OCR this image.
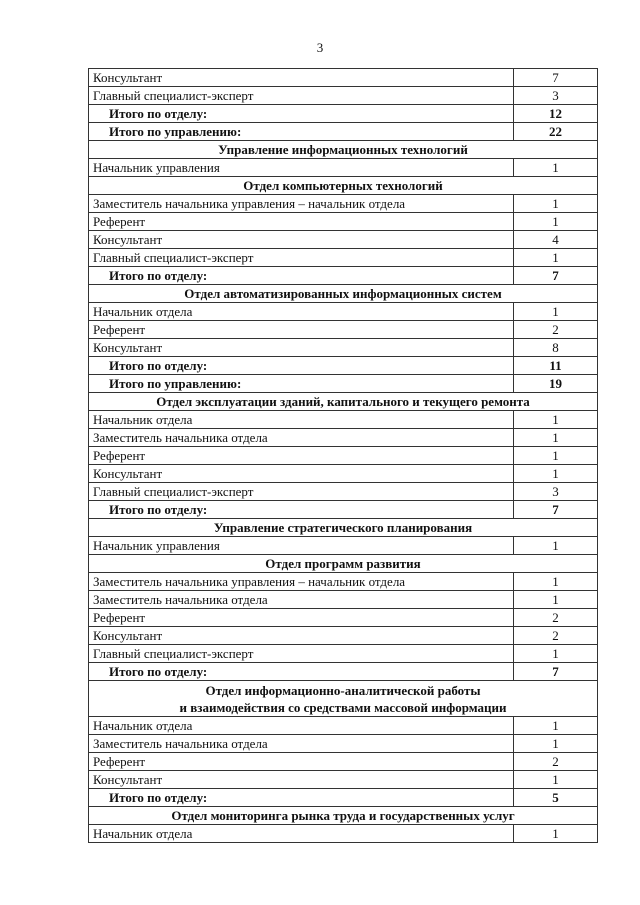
3
Консультант	7
Главный специалист-эксперт	3
Итого по отделу:	12
Итого по управлению:	22
Управление информационных технологий	
Начальник управления	1
Отдел компьютерных технологий	
Заместитель начальника управления – начальник отдела	1
Референт	1
Консультант	4
Главный специалист-эксперт	1
Итого по отделу:	7
Отдел автоматизированных информационных систем	
Начальник отдела	1
Референт	2
Консультант	8
Итого по отделу:	11
Итого по управлению:	19
Отдел эксплуатации зданий, капитального и текущего ремонта	
Начальник отдела	1
Заместитель начальника отдела	1
Референт	1
Консультант	1
Главный специалист-эксперт	3
Итого по отделу:	7
Управление стратегического планирования	
Начальник управления	1
Отдел программ развития	
Заместитель начальника управления – начальник отдела	1
Заместитель начальника отдела	1
Референт	2
Консультант	2
Главный специалист-эксперт	1
Итого по отделу:	7
Отдел информационно-аналитической работы
и взаимодействия со средствами массовой информации	
Начальник отдела	1
Заместитель начальника отдела	1
Референт	2
Консультант	1
Итого по отделу:	5
Отдел мониторинга рынка труда и государственных услуг	
Начальник отдела	1
